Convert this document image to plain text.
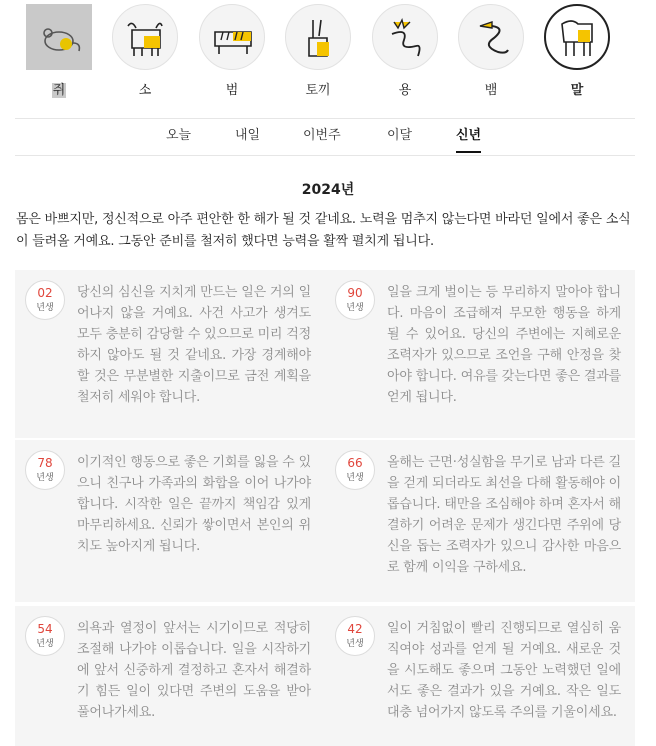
쥐	소	범	토끼	용	뱀	말
오늘	내일	이번주	이달	신년
2024년
몸은 바쁘지만, 정신적으로 아주 편안한 한 해가 될 것 같네요. 노력을 멈추지 않는다면 바라던 일에서 좋은 소식이 들려올 거예요. 그동안 준비를 철저히 했다면 능력을 활짝 펼치게 됩니다.
02
년생
당신의 심신을 지치게 만드는 일은 거의 일어나지 않을 거예요. 사건 사고가 생겨도 모두 충분히 감당할 수 있으므로 미리 걱정하지 않아도 될 것 같네요. 가장 경계해야 할 것은 무분별한 지출이므로 금전 계획을 철저히 세워야 합니다.
90
년생
일을 크게 벌이는 등 무리하지 말아야 합니다. 마음이 조급해져 무모한 행동을 하게 될 수 있어요. 당신의 주변에는 지혜로운 조력자가 있으므로 조언을 구해 안정을 찾아야 합니다. 여유를 갖는다면 좋은 결과를 얻게 됩니다.
78
년생
이기적인 행동으로 좋은 기회를 잃을 수 있으니 친구나 가족과의 화합을 이어 나가야 합니다. 시작한 일은 끝까지 책임감 있게 마무리하세요. 신뢰가 쌓이면서 본인의 위치도 높아지게 됩니다.
66
년생
올해는 근면·성실함을 무기로 남과 다른 길을 걷게 되더라도 최선을 다해 활동해야 이롭습니다. 태만을 조심해야 하며 혼자서 해결하기 어려운 문제가 생긴다면 주위에 당신을 돕는 조력자가 있으니 감사한 마음으로 함께 이익을 구하세요.
54
년생
의욕과 열정이 앞서는 시기이므로 적당히 조절해 나가야 이롭습니다. 일을 시작하기에 앞서 신중하게 결정하고 혼자서 해결하기 힘든 일이 있다면 주변의 도움을 받아 풀어나가세요.
42
년생
일이 거침없이 빨리 진행되므로 열심히 움직여야 성과를 얻게 될 거예요. 새로운 것을 시도해도 좋으며 그동안 노력했던 일에서도 좋은 결과가 있을 거예요. 작은 일도 대충 넘어가지 않도록 주의를 기울이세요.
